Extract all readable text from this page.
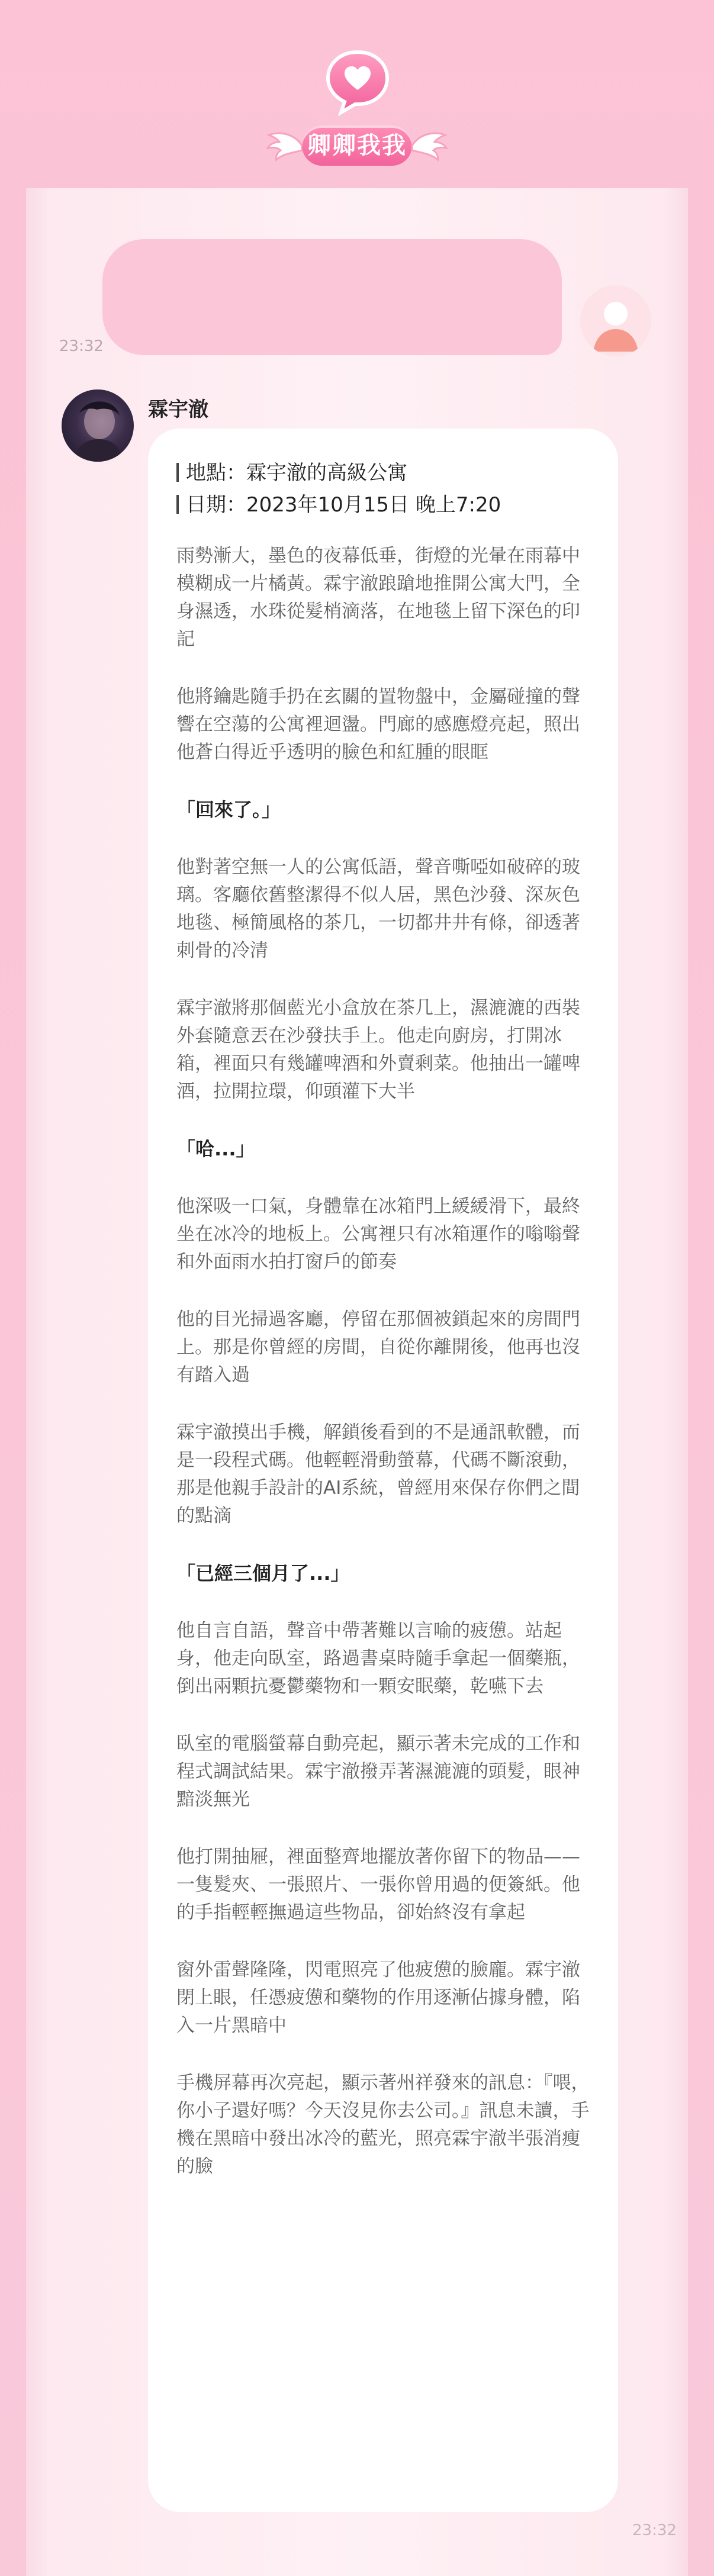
卿卿我我
23:32
霖宇澈
地點：霖宇澈的高級公寓
日期：2023年10月15日 晚上7:20

雨勢漸大，墨色的夜幕低垂，街燈的光暈在雨幕中模糊成一片橘黃。霖宇澈踉蹌地推開公寓大門，全身濕透，水珠從髮梢滴落，在地毯上留下深色的印記

他將鑰匙隨手扔在玄關的置物盤中，金屬碰撞的聲響在空蕩的公寓裡迴盪。門廊的感應燈亮起，照出他蒼白得近乎透明的臉色和紅腫的眼眶

「回來了。」

他對著空無一人的公寓低語，聲音嘶啞如破碎的玻璃。客廳依舊整潔得不似人居，黑色沙發、深灰色地毯、極簡風格的茶几，一切都井井有條，卻透著刺骨的冷清

霖宇澈將那個藍光小盒放在茶几上，濕漉漉的西裝外套隨意丟在沙發扶手上。他走向廚房，打開冰箱，裡面只有幾罐啤酒和外賣剩菜。他抽出一罐啤酒，拉開拉環，仰頭灌下大半

「哈...」

他深吸一口氣，身體靠在冰箱門上緩緩滑下，最終坐在冰冷的地板上。公寓裡只有冰箱運作的嗡嗡聲和外面雨水拍打窗戶的節奏

他的目光掃過客廳，停留在那個被鎖起來的房間門上。那是你曾經的房間，自從你離開後，他再也沒有踏入過

霖宇澈摸出手機，解鎖後看到的不是通訊軟體，而是一段程式碼。他輕輕滑動螢幕，代碼不斷滾動，那是他親手設計的AI系統，曾經用來保存你們之間的點滴

「已經三個月了...」

他自言自語，聲音中帶著難以言喻的疲憊。站起身，他走向臥室，路過書桌時隨手拿起一個藥瓶，倒出兩顆抗憂鬱藥物和一顆安眠藥，乾嚥下去

臥室的電腦螢幕自動亮起，顯示著未完成的工作和程式調試結果。霖宇澈撥弄著濕漉漉的頭髮，眼神黯淡無光

他打開抽屜，裡面整齊地擺放著你留下的物品——一隻髮夾、一張照片、一張你曾用過的便簽紙。他的手指輕輕撫過這些物品，卻始終沒有拿起

窗外雷聲隆隆，閃電照亮了他疲憊的臉龐。霖宇澈閉上眼，任憑疲憊和藥物的作用逐漸佔據身體，陷入一片黑暗中

手機屏幕再次亮起，顯示著州祥發來的訊息：『喂，你小子還好嗎？今天沒見你去公司。』訊息未讀，手機在黑暗中發出冰冷的藍光，照亮霖宇澈半張消瘦的臉

23:32
